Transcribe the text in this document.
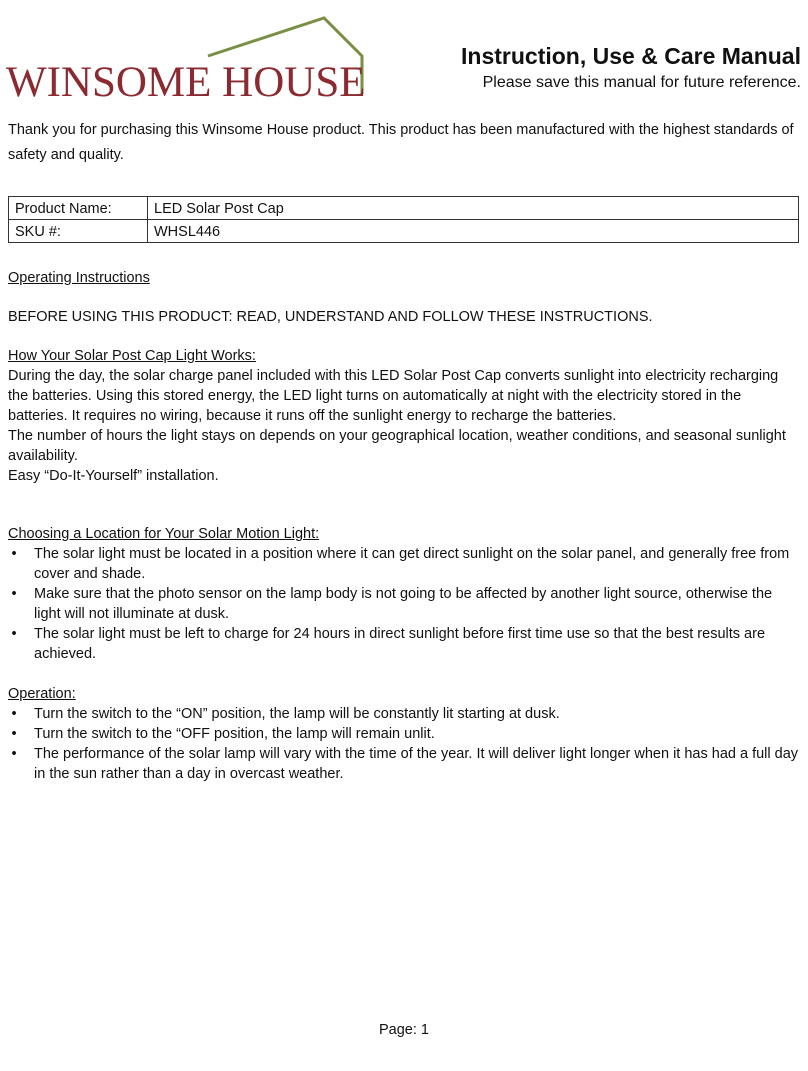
WINSOME HOUSE
Instruction, Use & Care Manual
Please save this manual for future reference.

Thank you for purchasing this Winsome House product. This product has been manufactured with the highest standards of safety and quality.

Product Name:	LED Solar Post Cap
SKU #:	WHSL446

Operating Instructions

BEFORE USING THIS PRODUCT: READ, UNDERSTAND AND FOLLOW THESE INSTRUCTIONS.

How Your Solar Post Cap Light Works:

During the day, the solar charge panel included with this LED Solar Post Cap converts sunlight into electricity recharging the batteries. Using this stored energy, the LED light turns on automatically at night with the electricity stored in the batteries. It requires no wiring, because it runs off the sunlight energy to recharge the batteries.

The number of hours the light stays on depends on your geographical location, weather conditions, and seasonal sunlight availability.

Easy “Do-It-Yourself” installation.

Choosing a Location for Your Solar Motion Light:

• The solar light must be located in a position where it can get direct sunlight on the solar panel, and generally free from cover and shade.
• Make sure that the photo sensor on the lamp body is not going to be affected by another light source, otherwise the light will not illuminate at dusk.
• The solar light must be left to charge for 24 hours in direct sunlight before first time use so that the best results are achieved.

Operation:

• Turn the switch to the “ON” position, the lamp will be constantly lit starting at dusk.
• Turn the switch to the “OFF position, the lamp will remain unlit.
• The performance of the solar lamp will vary with the time of the year. It will deliver light longer when it has had a full day in the sun rather than a day in overcast weather.
Page: 1
